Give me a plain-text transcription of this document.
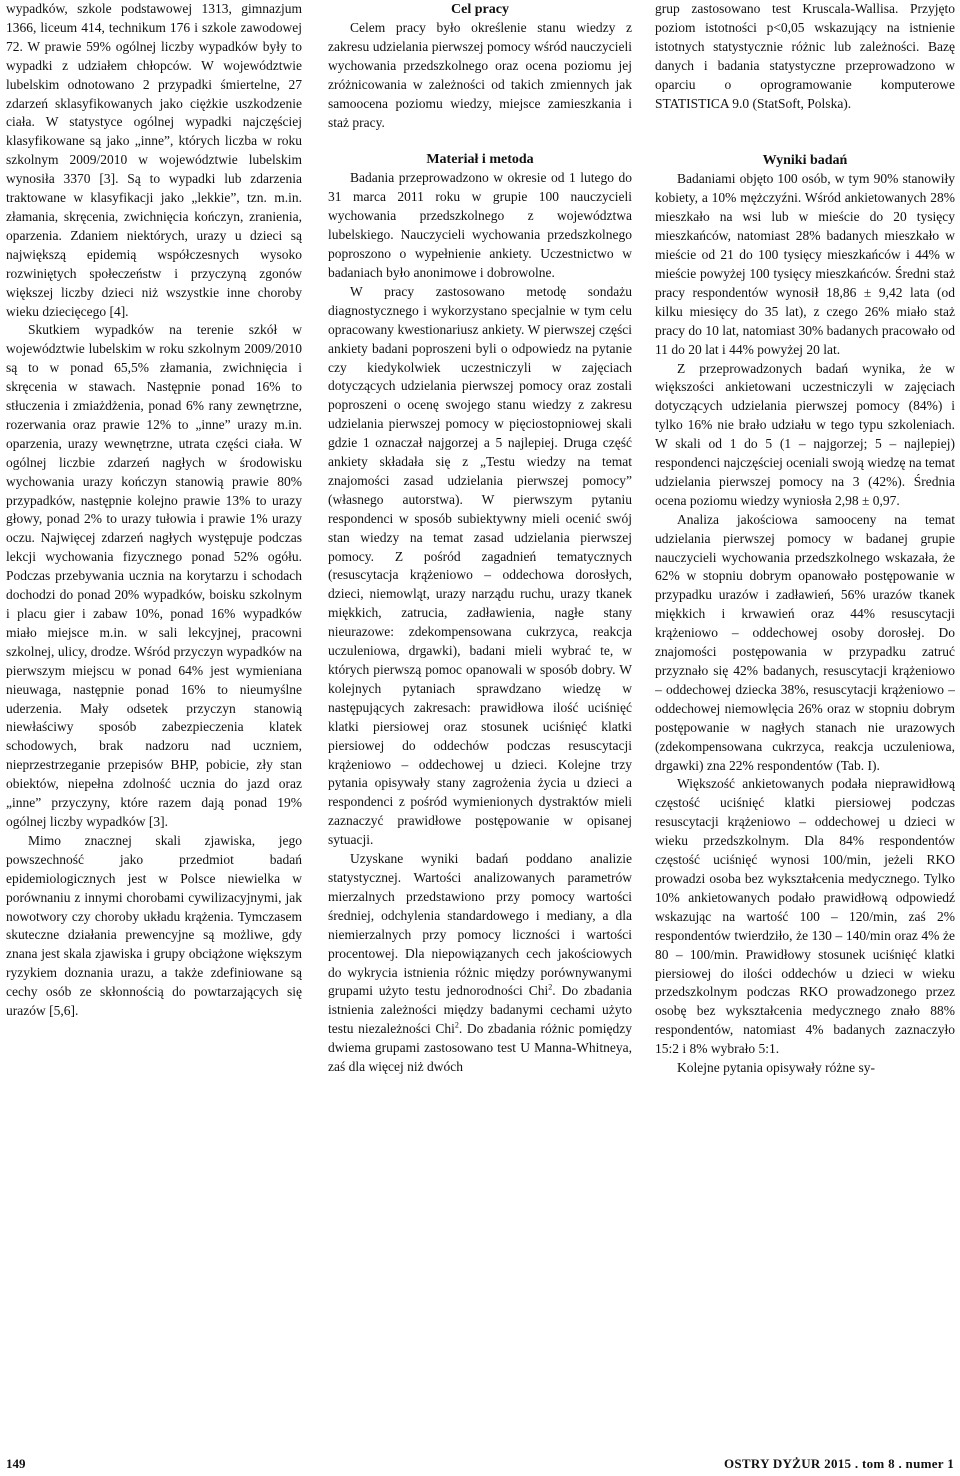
wypadków, szkole podstawowej 1313, gimnazjum 1366, liceum 414, technikum 176 i szkole zawodowej 72. W prawie 59% ogólnej liczby wypadków były to wypadki z udziałem chłopców. W województwie lubelskim odnotowano 2 przypadki śmiertelne, 27 zdarzeń sklasyfikowanych jako ciężkie uszkodzenie ciała. W statystyce ogólnej wypadki najczęściej klasyfikowane są jako „inne”, których liczba w roku szkolnym 2009/2010 w województwie lubelskim wynosiła 3370 [3]. Są to wypadki lub zdarzenia traktowane w klasyfikacji jako „lekkie”, tzn. m.in. złamania, skręcenia, zwichnięcia kończyn, zranienia, oparzenia. Zdaniem niektórych, urazy u dzieci są największą epidemią współczesnych wysoko rozwiniętych społeczeństw i przyczyną zgonów większej liczby dzieci niż wszystkie inne choroby wieku dziecięcego [4].

Skutkiem wypadków na terenie szkół w województwie lubelskim w roku szkolnym 2009/2010 są to w ponad 65,5% złamania, zwichnięcia i skręcenia w stawach. Następnie ponad 16% to stłuczenia i zmiażdżenia, ponad 6% rany zewnętrzne, rozerwania oraz prawie 12% to „inne” urazy m.in. oparzenia, urazy wewnętrzne, utrata części ciała. W ogólnej liczbie zdarzeń nagłych w środowisku wychowania urazy kończyn stanowią prawie 80% przypadków, następnie kolejno prawie 13% to urazy głowy, ponad 2% to urazy tułowia i prawie 1% urazy oczu. Najwięcej zdarzeń nagłych występuje podczas lekcji wychowania fizycznego ponad 52% ogółu. Podczas przebywania ucznia na korytarzu i schodach dochodzi do ponad 20% wypadków, boisku szkolnym i placu gier i zabaw 10%, ponad 16% wypadków miało miejsce m.in. w sali lekcyjnej, pracowni szkolnej, ulicy, drodze. Wśród przyczyn wypadków na pierwszym miejscu w ponad 64% jest wymieniana nieuwaga, następnie ponad 16% to nieumyślne uderzenia. Mały odsetek przyczyn stanowią niewłaściwy sposób zabezpieczenia klatek schodowych, brak nadzoru nad uczniem, nieprzestrzeganie przepisów BHP, pobicie, zły stan obiektów, niepełna zdolność ucznia do jazd oraz „inne” przyczyny, które razem dają ponad 19% ogólnej liczby wypadków [3].

Mimo znacznej skali zjawiska, jego powszechność jako przedmiot badań epidemiologicznych jest w Polsce niewielka w porównaniu z innymi chorobami cywilizacyjnymi, jak nowotwory czy choroby układu krążenia. Tymczasem skuteczne działania prewencyjne są możliwe, gdy znana jest skala zjawiska i grupy obciążone większym ryzykiem doznania urazu, a także zdefiniowane są cechy osób ze skłonnością do powtarzających się urazów [5,6].

Cel pracy

Celem pracy było określenie stanu wiedzy z zakresu udzielania pierwszej pomocy wśród nauczycieli wychowania przedszkolnego oraz ocena poziomu jej zróżnicowania w zależności od takich zmiennych jak samoocena poziomu wiedzy, miejsce zamieszkania i staż pracy.

Materiał i metoda

Badania przeprowadzono w okresie od 1 lutego do 31 marca 2011 roku w grupie 100 nauczycieli wychowania przedszkolnego z województwa lubelskiego. Nauczycieli wychowania przedszkolnego poproszono o wypełnienie ankiety. Uczestnictwo w badaniach było anonimowe i dobrowolne.

W pracy zastosowano metodę sondażu diagnostycznego i wykorzystano specjalnie w tym celu opracowany kwestionariusz ankiety. W pierwszej części ankiety badani poproszeni byli o odpowiedz na pytanie czy kiedykolwiek uczestniczyli w zajęciach dotyczących udzielania pierwszej pomocy oraz zostali poproszeni o ocenę swojego stanu wiedzy z zakresu udzielania pierwszej pomocy w pięciostopniowej skali gdzie 1 oznaczał najgorzej a 5 najlepiej. Druga część ankiety składała się z „Testu wiedzy na temat znajomości zasad udzielania pierwszej pomocy” (własnego autorstwa). W pierwszym pytaniu respondenci w sposób subiektywny mieli ocenić swój stan wiedzy na temat zasad udzielania pierwszej pomocy. Z pośród zagadnień tematycznych (resuscytacja krążeniowo – oddechowa dorosłych, dzieci, niemowląt, urazy narządu ruchu, urazy tkanek miękkich, zatrucia, zadławienia, nagłe stany nieurazowe: zdekompensowana cukrzyca, reakcja uczuleniowa, drgawki), badani mieli wybrać te, w których pierwszą pomoc opanowali w sposób dobry. W kolejnych pytaniach sprawdzano wiedzę w następujących zakresach: prawidłowa ilość uciśnięć klatki piersiowej oraz stosunek uciśnięć klatki piersiowej do oddechów podczas resuscytacji krążeniowo – oddechowej u dzieci. Kolejne trzy pytania opisywały stany zagrożenia życia u dzieci a respondenci z pośród wymienionych dystraktów mieli zaznaczyć prawidłowe postępowanie w opisanej sytuacji.

Uzyskane wyniki badań poddano analizie statystycznej. Wartości analizowanych parametrów mierzalnych przedstawiono przy pomocy wartości średniej, odchylenia standardowego i mediany, a dla niemierzalnych przy pomocy liczności i wartości procentowej. Dla niepowiązanych cech jakościowych do wykrycia istnienia różnic między porównywanymi grupami użyto testu jednorodności Chi$^2$. Do zbadania istnienia zależności między badanymi cechami użyto testu niezależności Chi$^2$. Do zbadania różnic pomiędzy dwiema grupami zastosowano test U Manna-Whitneya, zaś dla więcej niż dwóch

grup zastosowano test Kruscala-Wallisa. Przyjęto poziom istotności p<0,05 wskazujący na istnienie istotnych statystycznie różnic lub zależności. Bazę danych i badania statystyczne przeprowadzono w oparciu o oprogramowanie komputerowe STATISTICA 9.0 (StatSoft, Polska).

Wyniki badań

Badaniami objęto 100 osób, w tym 90% stanowiły kobiety, a 10% mężczyźni. Wśród ankietowanych 28% mieszkało na wsi lub w mieście do 20 tysięcy mieszkańców, natomiast 28% badanych mieszkało w mieście od 21 do 100 tysięcy mieszkańców i 44% w mieście powyżej 100 tysięcy mieszkańców. Średni staż pracy respondentów wynosił 18,86 ± 9,42 lata (od kilku miesięcy do 35 lat), z czego 26% miało staż pracy do 10 lat, natomiast 30% badanych pracowało od 11 do 20 lat i 44% powyżej 20 lat.

Z przeprowadzonych badań wynika, że w większości ankietowani uczestniczyli w zajęciach dotyczących udzielania pierwszej pomocy (84%) i tylko 16% nie brało udziału w tego typu szkoleniach. W skali od 1 do 5 (1 – najgorzej; 5 – najlepiej) respondenci najczęściej oceniali swoją wiedzę na temat udzielania pierwszej pomocy na 3 (42%). Średnia ocena poziomu wiedzy wyniosła 2,98 ± 0,97.

Analiza jakościowa samooceny na temat udzielania pierwszej pomocy w badanej grupie nauczycieli wychowania przedszkolnego wskazała, że 62% w stopniu dobrym opanowało postępowanie w przypadku urazów i zadławień, 56% urazów tkanek miękkich i krwawień oraz 44% resuscytacji krążeniowo – oddechowej osoby dorosłej. Do znajomości postępowania w przypadku zatruć przyznało się 42% badanych, resuscytacji krążeniowo – oddechowej dziecka 38%, resuscytacji krążeniowo – oddechowej niemowlęcia 26% oraz w stopniu dobrym postępowanie w nagłych stanach nie urazowych (zdekompensowana cukrzyca, reakcja uczuleniowa, drgawki) zna 22% respondentów (Tab. I).

Większość ankietowanych podała nieprawidłową częstość uciśnięć klatki piersiowej podczas resuscytacji krążeniowo – oddechowej u dzieci w wieku przedszkolnym. Dla 84% respondentów częstość uciśnięć wynosi 100/min, jeżeli RKO prowadzi osoba bez wykształcenia medycznego. Tylko 10% ankietowanych podało prawidłową odpowiedź wskazując na wartość 100 – 120/min, zaś 2% respondentów twierdziło, że 130 – 140/min oraz 4% że 80 – 100/min. Prawidłowy stosunek uciśnięć klatki piersiowej do ilości oddechów u dzieci w wieku przedszkolnym podczas RKO prowadzonego przez osobę bez wykształcenia medycznego znało 88% respondentów, natomiast 4% badanych zaznaczyło 15:2 i 8% wybrało 5:1.

Kolejne pytania opisywały różne sy-

149	OSTRY DYŻUR 2015 . tom 8 . numer 1
